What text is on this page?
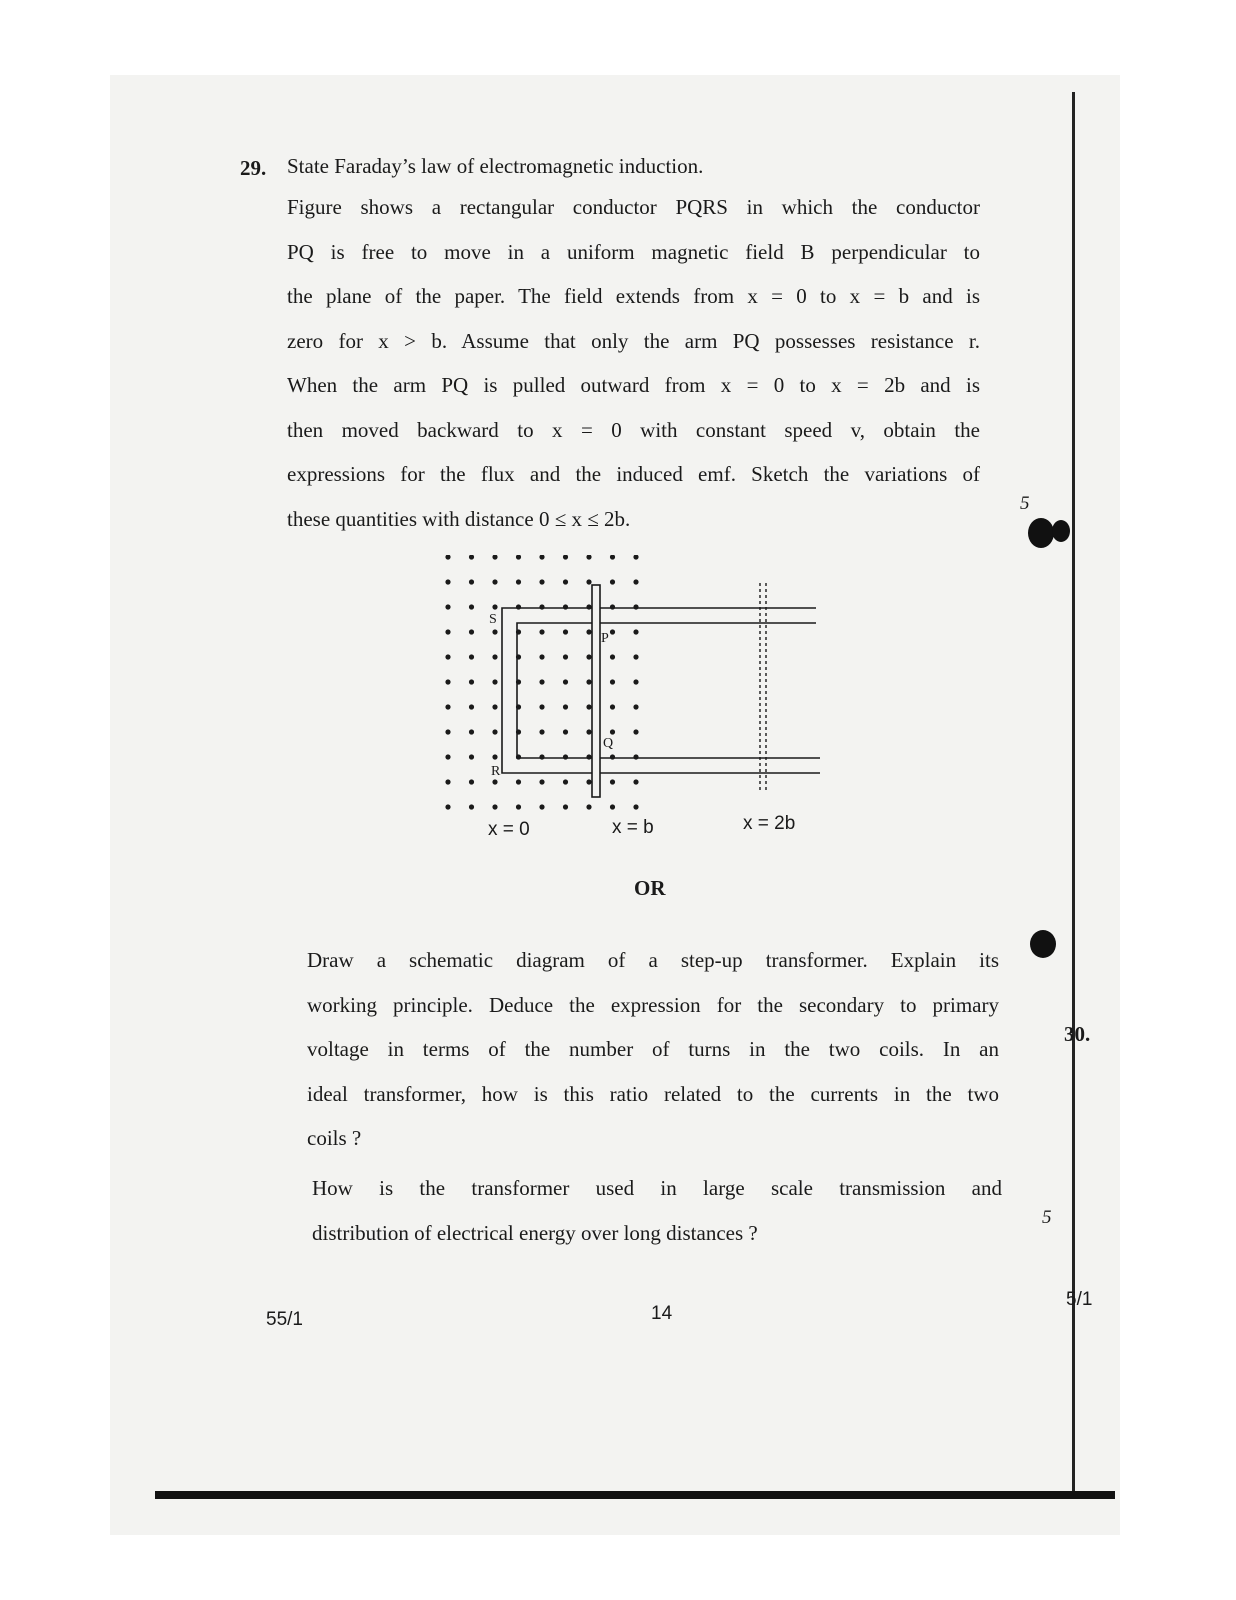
29. State Faraday’s law of electromagnetic induction.
Figure shows a rectangular conductor PQRS in which the conductor
PQ is free to move in a uniform magnetic field B perpendicular to
the plane of the paper. The field extends from x = 0 to x = b and is
zero for x > b. Assume that only the arm PQ possesses resistance r.
When the arm PQ is pulled outward from x = 0 to x = 2b and is
then moved backward to x = 0 with constant speed v, obtain the
expressions for the flux and the induced emf. Sketch the variations of
these quantities with distance 0 ≤ x ≤ 2b.
5
S
P
Q
R
x = 0	x = b	x = 2b
OR
Draw a schematic diagram of a step-up transformer. Explain its
working principle. Deduce the expression for the secondary to primary
voltage in terms of the number of turns in the two coils. In an
ideal transformer, how is this ratio related to the currents in the two
coils ?
How is the transformer used in large scale transmission and
distribution of electrical energy over long distances ?
5
30.
55/1	14
5/1
